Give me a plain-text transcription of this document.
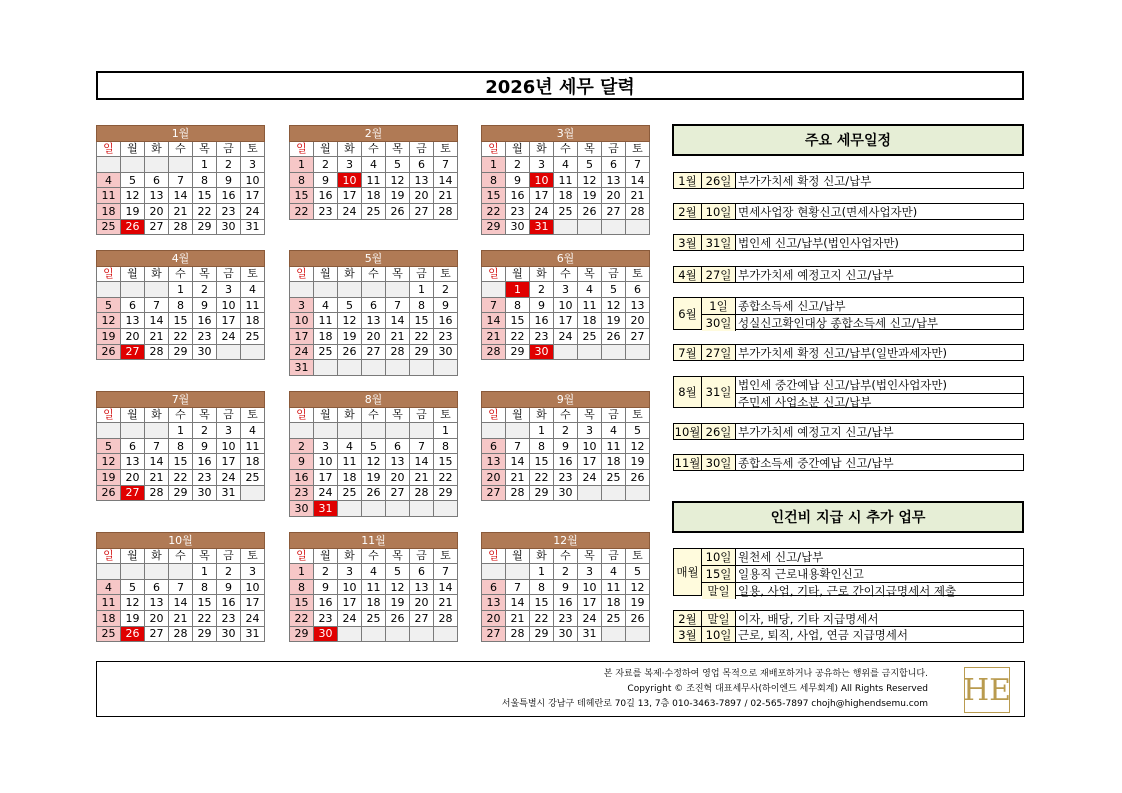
2026년 세무 달력
1월						
일	월	화	수	목	금	토
				1	2	3
4	5	6	7	8	9	10
11	12	13	14	15	16	17
18	19	20	21	22	23	24
25	26	27	28	29	30	31
2월						
일	월	화	수	목	금	토
1	2	3	4	5	6	7
8	9	10	11	12	13	14
15	16	17	18	19	20	21
22	23	24	25	26	27	28
3월						
일	월	화	수	목	금	토
1	2	3	4	5	6	7
8	9	10	11	12	13	14
15	16	17	18	19	20	21
22	23	24	25	26	27	28
29	30	31				
4월						
일	월	화	수	목	금	토
			1	2	3	4
5	6	7	8	9	10	11
12	13	14	15	16	17	18
19	20	21	22	23	24	25
26	27	28	29	30		
5월						
일	월	화	수	목	금	토
					1	2
3	4	5	6	7	8	9
10	11	12	13	14	15	16
17	18	19	20	21	22	23
24	25	26	27	28	29	30
31						
6월						
일	월	화	수	목	금	토
	1	2	3	4	5	6
7	8	9	10	11	12	13
14	15	16	17	18	19	20
21	22	23	24	25	26	27
28	29	30				
7월						
일	월	화	수	목	금	토
			1	2	3	4
5	6	7	8	9	10	11
12	13	14	15	16	17	18
19	20	21	22	23	24	25
26	27	28	29	30	31	
8월						
일	월	화	수	목	금	토
						1
2	3	4	5	6	7	8
9	10	11	12	13	14	15
16	17	18	19	20	21	22
23	24	25	26	27	28	29
30	31					
9월						
일	월	화	수	목	금	토
		1	2	3	4	5
6	7	8	9	10	11	12
13	14	15	16	17	18	19
20	21	22	23	24	25	26
27	28	29	30			
10월						
일	월	화	수	목	금	토
				1	2	3
4	5	6	7	8	9	10
11	12	13	14	15	16	17
18	19	20	21	22	23	24
25	26	27	28	29	30	31
11월						
일	월	화	수	목	금	토
1	2	3	4	5	6	7
8	9	10	11	12	13	14
15	16	17	18	19	20	21
22	23	24	25	26	27	28
29	30					
12월						
일	월	화	수	목	금	토
		1	2	3	4	5
6	7	8	9	10	11	12
13	14	15	16	17	18	19
20	21	22	23	24	25	26
27	28	29	30	31		
주요 세무일정
1월 26일 부가가치세 확정 신고/납부
2월 10일 면세사업장 현황신고(면세사업자만)
3월 31일 법인세 신고/납부(법인사업자만)
4월 27일 부가가치세 예정고지 신고/납부
6월
1일 종합소득세 신고/납부
30일 성실신고확인대상 종합소득세 신고/납부
7월 27일 부가가치세 확정 신고/납부(일반과세자만)
8월 31일 법인세 중간예납 신고/납부(법인사업자만)
주민세 사업소분 신고/납부
10월 26일 부가가치세 예정고지 신고/납부
11월 30일 종합소득세 중간예납 신고/납부
인건비 지급 시 추가 업무
매월
10일 원천세 신고/납부
15일 일용직 근로내용확인신고
말일 일용, 사업, 기타, 근로 간이지급명세서 제출
2월 말일 이자, 배당, 기타 지급명세서
3월 10일 근로, 퇴직, 사업, 연금 지급명세서
본 자료를 복제·수정하여 영업 목적으로 재배포하거나 공유하는 행위를 금지합니다.
Copyright © 조진혁 대표세무사(하이엔드 세무회계) All Rights Reserved
서울특별시 강남구 테헤란로 70길 13, 7층 010-3463-7897 / 02-565-7897 chojh@highendsemu.com HE
